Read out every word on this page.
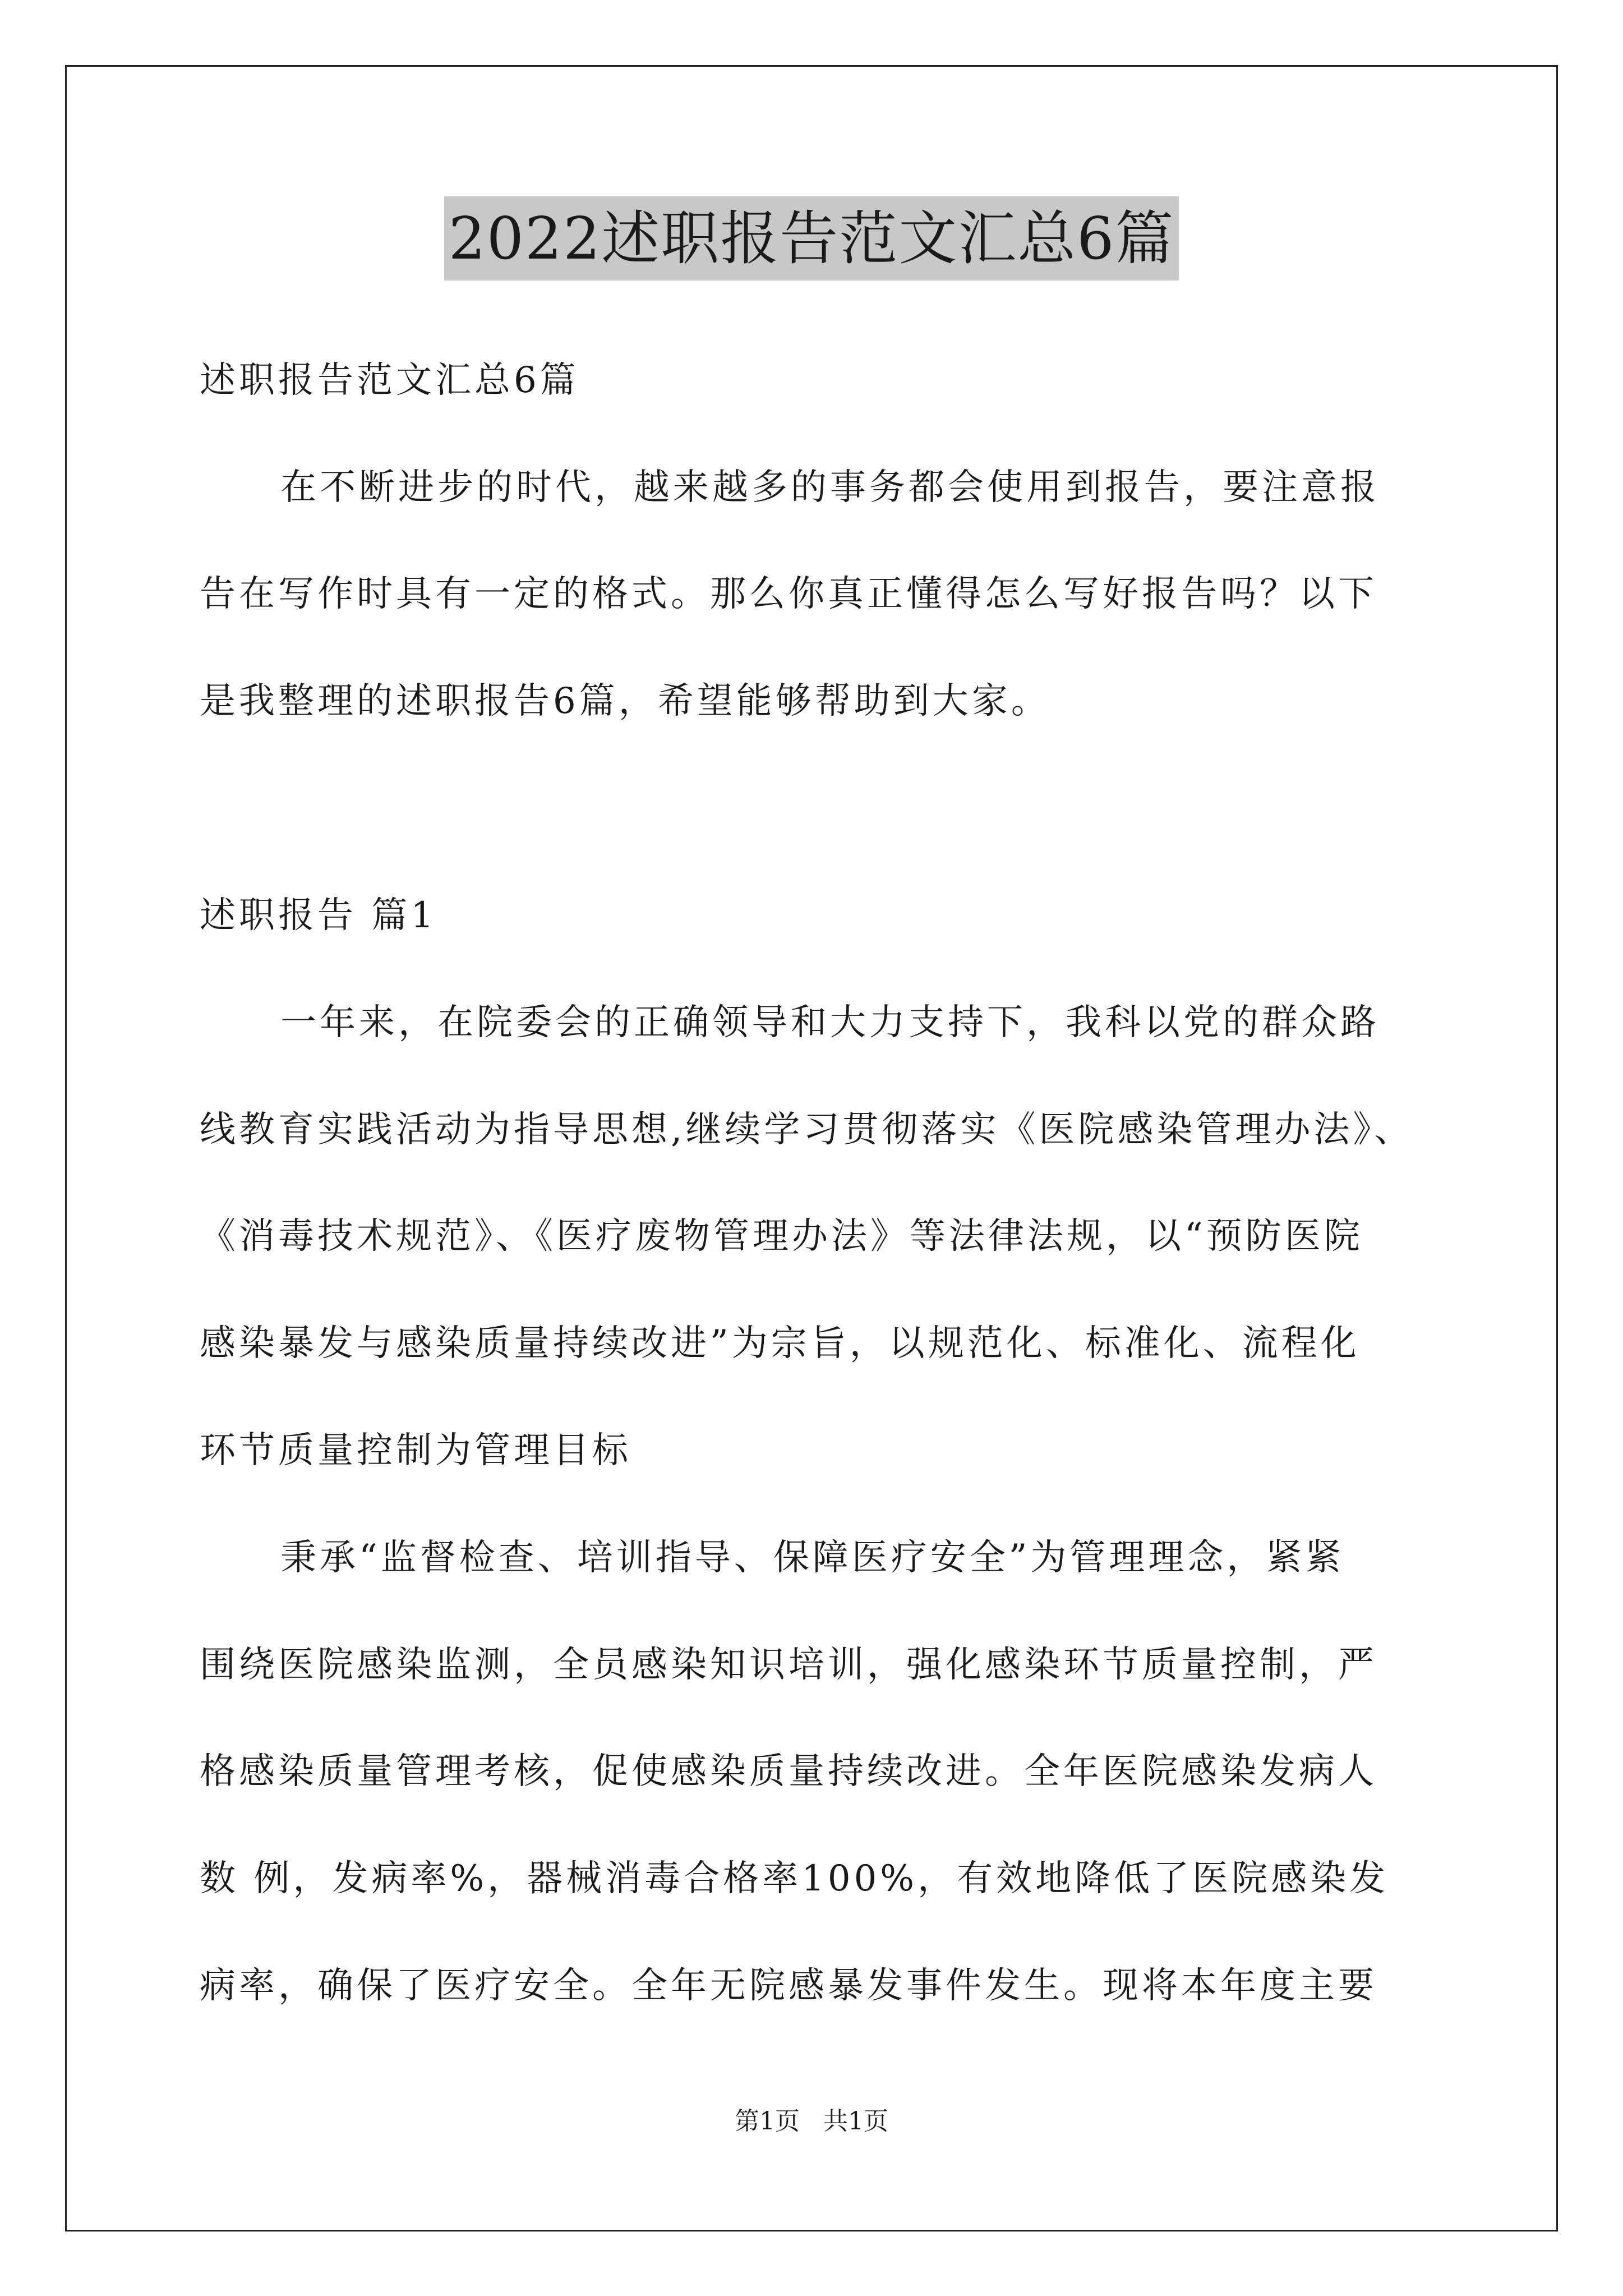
2022述职报告范文汇总6篇

述职报告范文汇总6篇

在不断进步的时代，越来越多的事务都会使用到报告，要注意报

告在写作时具有一定的格式。那么你真正懂得怎么写好报告吗？以下

是我整理的述职报告6篇，希望能够帮助到大家。

述职报告 篇1

一年来，在院委会的正确领导和大力支持下，我科以党的群众路

线教育实践活动为指导思想,继续学习贯彻落实《医院感染管理办法》、

《消毒技术规范》、《医疗废物管理办法》等法律法规，以“预防医院

感染暴发与感染质量持续改进”为宗旨，以规范化、标准化、流程化

环节质量控制为管理目标

秉承“监督检查、培训指导、保障医疗安全”为管理理念，紧紧

围绕医院感染监测，全员感染知识培训，强化感染环节质量控制，严

格感染质量管理考核，促使感染质量持续改进。全年医院感染发病人

数 例，发病率%，器械消毒合格率100%，有效地降低了医院感染发

病率，确保了医疗安全。全年无院感暴发事件发生。现将本年度主要

第1页   共1页
